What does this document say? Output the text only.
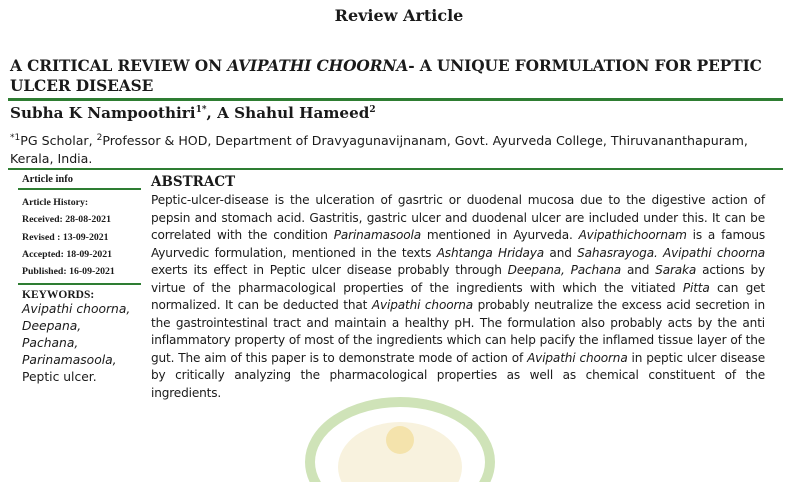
Review Article
A CRITICAL REVIEW ON AVIPATHI CHOORNA- A UNIQUE FORMULATION FOR PEPTIC ULCER DISEASE
Subha K Nampoothiri$^{1*}$, A Shahul Hameed$^2$
$^{*1}$PG Scholar, $^2$Professor & HOD, Department of Dravyagunavijnanam, Govt. Ayurveda College, Thiruvananthapuram, Kerala, India.
Article info
Article History:
Received: 28-08-2021
Revised : 13-09-2021
Accepted: 18-09-2021
Published: 16-09-2021
KEYWORDS:
Avipathi choorna,
Deepana,
Pachana,
Parinamasoola,
Peptic ulcer.
ABSTRACT
Peptic-ulcer-disease is the ulceration of gasrtric or duodenal mucosa due to the digestive action of pepsin and stomach acid. Gastritis, gastric ulcer and duodenal ulcer are included under this. It can be correlated with the condition Parinamasoola mentioned in Ayurveda. Avipathichoornam is a famous Ayurvedic formulation, mentioned in the texts Ashtanga Hridaya and Sahasrayoga. Avipathi choorna exerts its effect in Peptic ulcer disease probably through Deepana, Pachana and Saraka actions by virtue of the pharmacological properties of the ingredients with which the vitiated Pitta can get normalized. It can be deducted that Avipathi choorna probably neutralize the excess acid secretion in the gastrointestinal tract and maintain a healthy pH. The formulation also probably acts by the anti inflammatory property of most of the ingredients which can help pacify the inflamed tissue layer of the gut. The aim of this paper is to demonstrate mode of action of Avipathi choorna in peptic ulcer disease by critically analyzing the pharmacological properties as well as chemical constituent of the ingredients.
